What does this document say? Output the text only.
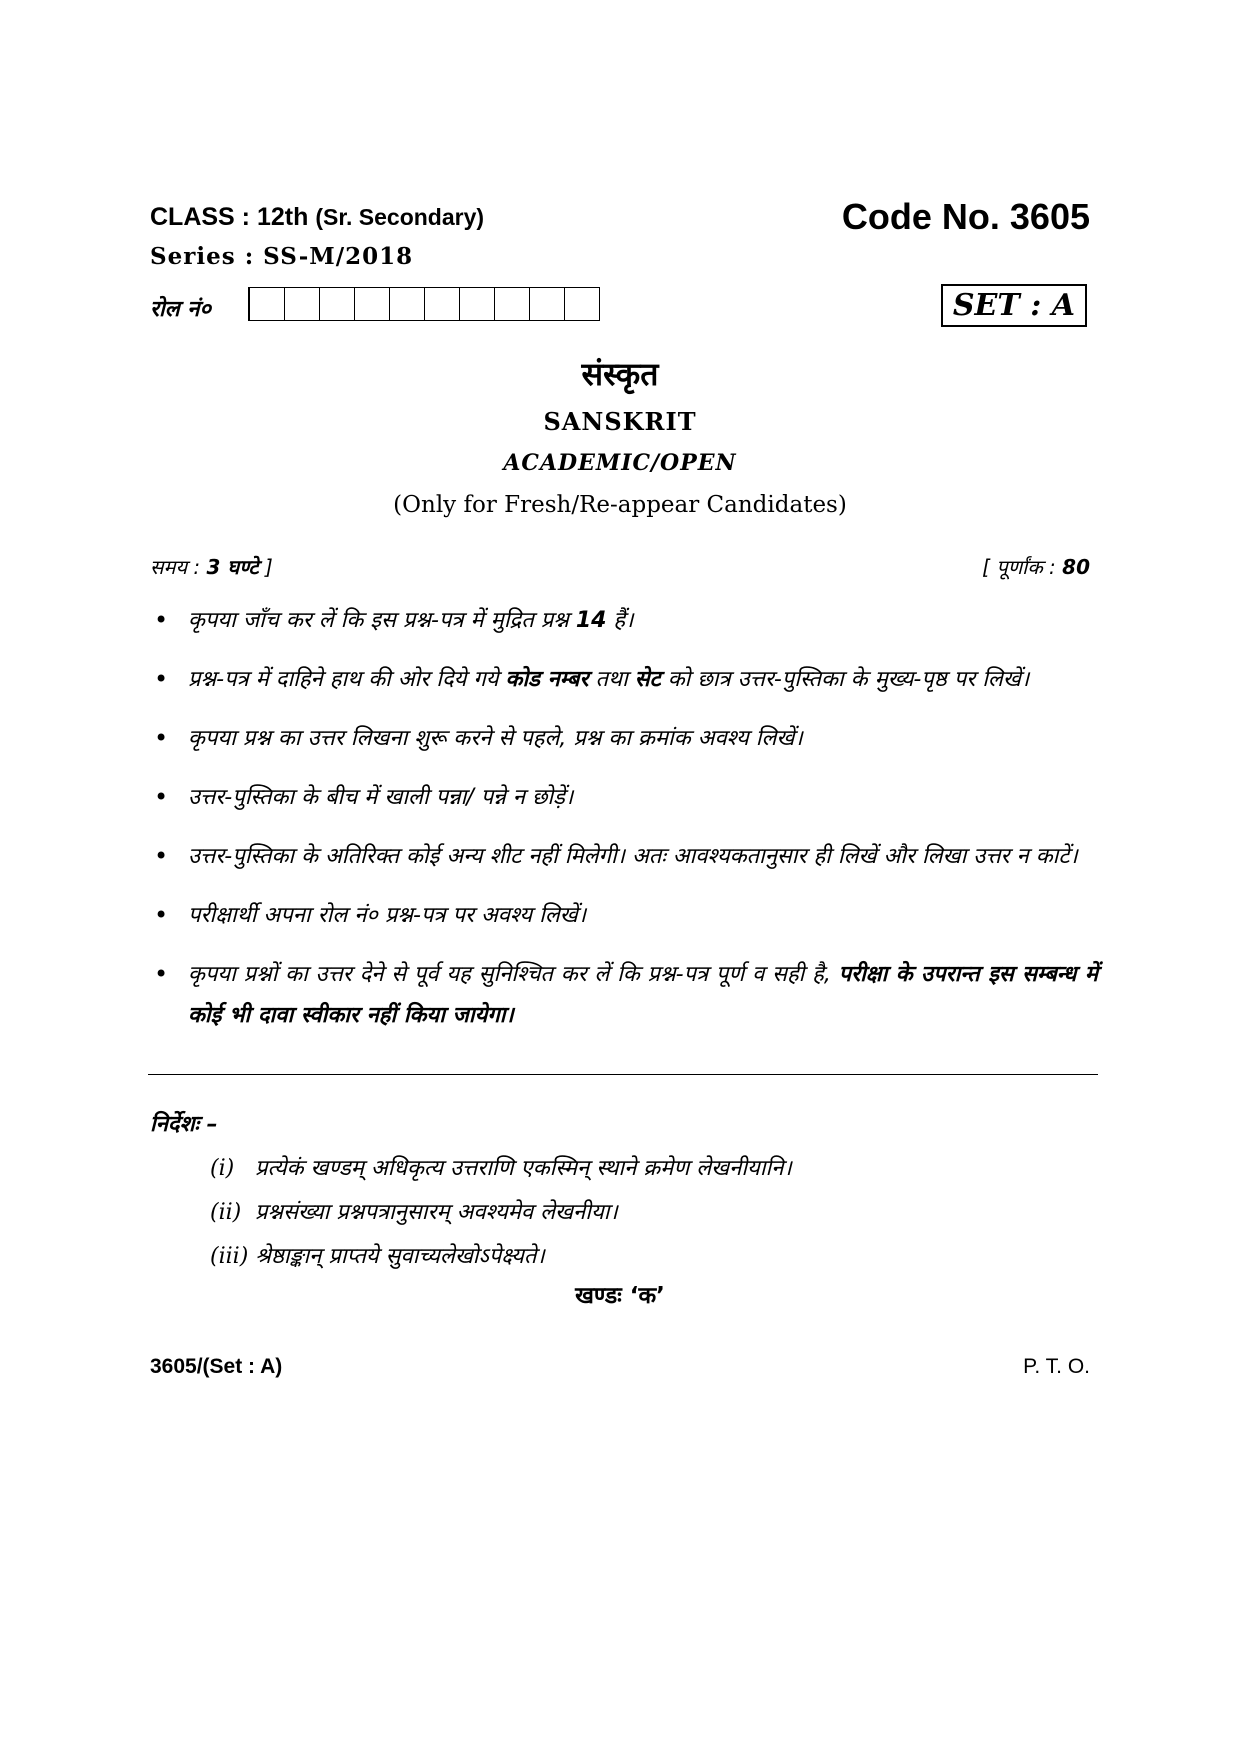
CLASS : 12th (Sr. Secondary)	Code No. 3605
Series : SS-M/2018
रोल नं०	SET : A
संस्कृत
SANSKRIT
ACADEMIC/OPEN
(Only for Fresh/Re-appear Candidates)
समय : 3 घण्टे ]	[ पूर्णांक : 80
• कृपया जाँच कर लें कि इस प्रश्न-पत्र में मुद्रित प्रश्न 14 हैं।
• प्रश्न-पत्र में दाहिने हाथ की ओर दिये गये कोड नम्बर तथा सेट को छात्र उत्तर-पुस्तिका के मुख्य-पृष्ठ पर लिखें।
• कृपया प्रश्न का उत्तर लिखना शुरू करने से पहले, प्रश्न का क्रमांक अवश्य लिखें।
• उत्तर-पुस्तिका के बीच में खाली पन्ना/ पन्ने न छोड़ें।
• उत्तर-पुस्तिका के अतिरिक्त कोई अन्य शीट नहीं मिलेगी। अतः आवश्यकतानुसार ही लिखें और लिखा उत्तर न काटें।
• परीक्षार्थी अपना रोल नं० प्रश्न-पत्र पर अवश्य लिखें।
• कृपया प्रश्नों का उत्तर देने से पूर्व यह सुनिश्चित कर लें कि प्रश्न-पत्र पूर्ण व सही है, परीक्षा के उपरान्त इस सम्बन्ध में कोई भी दावा स्वीकार नहीं किया जायेगा।
निर्देशः –
(i) प्रत्येकं खण्डम् अधिकृत्य उत्तराणि एकस्मिन् स्थाने क्रमेण लेखनीयानि।
(ii) प्रश्नसंख्या प्रश्नपत्रानुसारम् अवश्यमेव लेखनीया।
(iii) श्रेष्ठाङ्कान् प्राप्तये सुवाच्यलेखोऽपेक्ष्यते।
खण्डः ‘क’
3605/(Set : A)	P. T. O.
